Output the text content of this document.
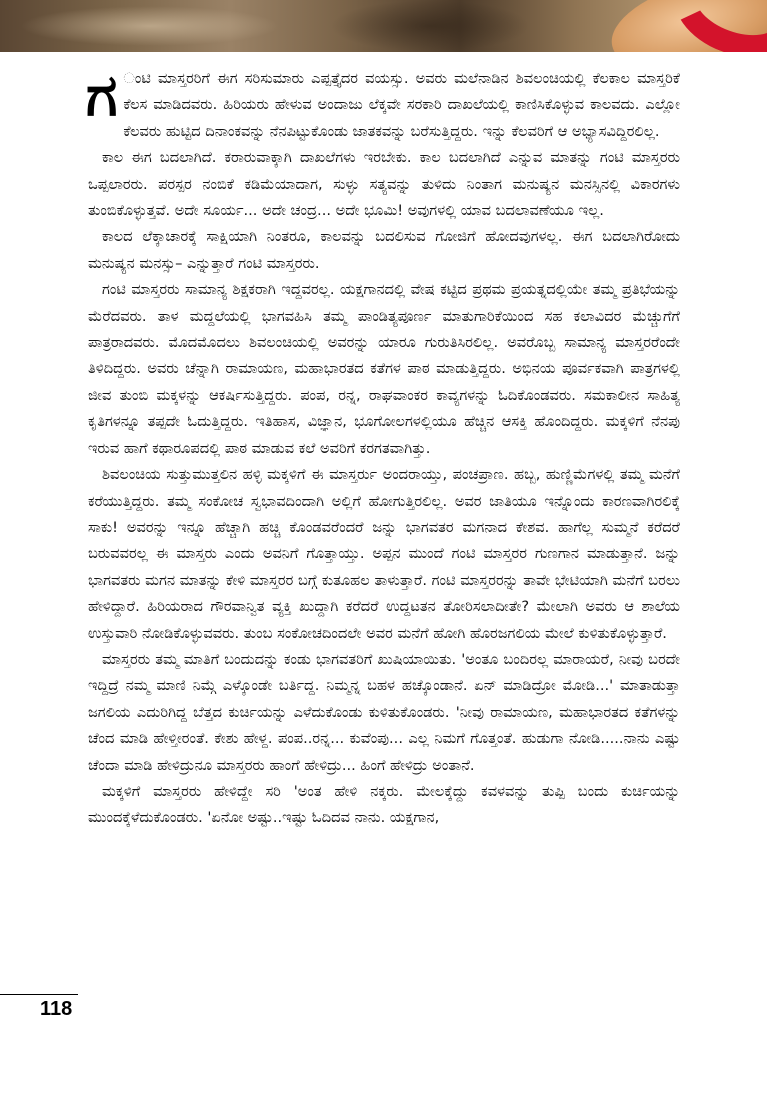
ಗ ಂಟಿ ಮಾಸ್ತರರಿಗೆ ಈಗ ಸರಿಸುಮಾರು ಎಪ್ಪತ್ತೈದರ ವಯಸ್ಸು. ಅವರು ಮಲೆನಾಡಿನ ಶಿವಲಂಚಿಯಲ್ಲಿ ಕೆಲಕಾಲ ಮಾಸ್ತರಿಕೆ ಕೆಲಸ ಮಾಡಿದವರು. ಹಿರಿಯರು ಹೇಳುವ ಅಂದಾಜು ಲೆಕ್ಕವೇ ಸರಕಾರಿ ದಾಖಲೆಯಲ್ಲಿ ಕಾಣಿಸಿಕೊಳ್ಳುವ ಕಾಲವದು. ಎಲ್ಲೋ ಕೆಲವರು ಹುಟ್ಟಿದ ದಿನಾಂಕವನ್ನು ನೆನಪಿಟ್ಟುಕೊಂಡು ಜಾತಕವನ್ನು ಬರೆಸುತ್ತಿದ್ದರು. ಇನ್ನು ಕೆಲವರಿಗೆ ಆ ಅಭ್ಯಾಸವಿದ್ದಿರಲಿಲ್ಲ.

ಕಾಲ ಈಗ ಬದಲಾಗಿದೆ. ಕರಾರುವಾಕ್ಕಾಗಿ ದಾಖಲೆಗಳು ಇರಬೇಕು. ಕಾಲ ಬದಲಾಗಿದೆ ಎನ್ನುವ ಮಾತನ್ನು ಗಂಟಿ ಮಾಸ್ತರರು ಒಪ್ಪಲಾರರು. ಪರಸ್ಪರ ನಂಬಿಕೆ ಕಡಿಮೆಯಾದಾಗ, ಸುಳ್ಳು ಸತ್ಯವನ್ನು ತುಳಿದು ನಿಂತಾಗ ಮನುಷ್ಯನ ಮನಸ್ಸಿನಲ್ಲಿ ವಿಕಾರಗಳು ತುಂಬಿಕೊಳ್ಳುತ್ತವೆ. ಅದೇ ಸೂರ್ಯ... ಅದೇ ಚಂದ್ರ... ಅದೇ ಭೂಮಿ! ಅವುಗಳಲ್ಲಿ ಯಾವ ಬದಲಾವಣೆಯೂ ಇಲ್ಲ.

ಕಾಲದ ಲೆಕ್ಕಾಚಾರಕ್ಕೆ ಸಾಕ್ಷಿಯಾಗಿ ನಿಂತರೂ, ಕಾಲವನ್ನು ಬದಲಿಸುವ ಗೋಜಿಗೆ ಹೋದವುಗಳಲ್ಲ. ಈಗ ಬದಲಾಗಿರೋದು ಮನುಷ್ಯನ ಮನಸ್ಸು– ಎನ್ನುತ್ತಾರೆ ಗಂಟಿ ಮಾಸ್ತರರು.

ಗಂಟಿ ಮಾಸ್ತರರು ಸಾಮಾನ್ಯ ಶಿಕ್ಷಕರಾಗಿ ಇದ್ದವರಲ್ಲ. ಯಕ್ಷಗಾನದಲ್ಲಿ ವೇಷ ಕಟ್ಟಿದ ಪ್ರಥಮ ಪ್ರಯತ್ನದಲ್ಲಿಯೇ ತಮ್ಮ ಪ್ರತಿಭೆಯನ್ನು ಮೆರೆದವರು. ತಾಳ ಮದ್ದಲೆಯಲ್ಲಿ ಭಾಗವಹಿಸಿ ತಮ್ಮ ಪಾಂಡಿತ್ಯಪೂರ್ಣ ಮಾತುಗಾರಿಕೆಯಿಂದ ಸಹ ಕಲಾವಿದರ ಮೆಚ್ಚುಗೆಗೆ ಪಾತ್ರರಾದವರು. ಮೊದಮೊದಲು ಶಿವಲಂಚಿಯಲ್ಲಿ ಅವರನ್ನು ಯಾರೂ ಗುರುತಿಸಿರಲಿಲ್ಲ. ಅವರೊಬ್ಬ ಸಾಮಾನ್ಯ ಮಾಸ್ತರರೆಂದೇ ತಿಳಿದಿದ್ದರು. ಅವರು ಚೆನ್ನಾಗಿ ರಾಮಾಯಣ, ಮಹಾಭಾರತದ ಕತೆಗಳ ಪಾಠ ಮಾಡುತ್ತಿದ್ದರು. ಅಭಿನಯ ಪೂರ್ವಕವಾಗಿ ಪಾತ್ರಗಳಲ್ಲಿ ಜೀವ ತುಂಬಿ ಮಕ್ಕಳನ್ನು ಆಕರ್ಷಿಸುತ್ತಿದ್ದರು. ಪಂಪ, ರನ್ನ, ರಾಘವಾಂಕರ ಕಾವ್ಯಗಳನ್ನು ಓದಿಕೊಂಡವರು. ಸಮಕಾಲೀನ ಸಾಹಿತ್ಯ ಕೃತಿಗಳನ್ನೂ ತಪ್ಪದೇ ಓದುತ್ತಿದ್ದರು. ಇತಿಹಾಸ, ವಿಜ್ಞಾನ, ಭೂಗೋಲಗಳಲ್ಲಿಯೂ ಹೆಚ್ಚಿನ ಆಸಕ್ತಿ ಹೊಂದಿದ್ದರು. ಮಕ್ಕಳಿಗೆ ನೆನಪು ಇರುವ ಹಾಗೆ ಕಥಾರೂಪದಲ್ಲಿ ಪಾಠ ಮಾಡುವ ಕಲೆ ಅವರಿಗೆ ಕರಗತವಾಗಿತ್ತು.

ಶಿವಲಂಚಿಯ ಸುತ್ತುಮುತ್ತಲಿನ ಹಳ್ಳಿ ಮಕ್ಕಳಿಗೆ ಈ ಮಾಸ್ತರ್ರು ಅಂದರಾಯ್ತು, ಪಂಚಪ್ರಾಣ. ಹಬ್ಬ, ಹುಣ್ಣಿಮೆಗಳಲ್ಲಿ ತಮ್ಮ ಮನೆಗೆ ಕರೆಯುತ್ತಿದ್ದರು. ತಮ್ಮ ಸಂಕೋಚ ಸ್ವಭಾವದಿಂದಾಗಿ ಅಲ್ಲಿಗೆ ಹೋಗುತ್ತಿರಲಿಲ್ಲ. ಅವರ ಜಾತಿಯೂ ಇನ್ನೊಂದು ಕಾರಣವಾಗಿರಲಿಕ್ಕೆ ಸಾಕು! ಅವರನ್ನು ಇನ್ನೂ ಹೆಚ್ಚಾಗಿ ಹಚ್ಚಿ ಕೊಂಡವರೆಂದರೆ ಜನ್ನು ಭಾಗವತರ ಮಗನಾದ ಕೇಶವ. ಹಾಗೆಲ್ಲ ಸುಮ್ಮನೆ ಕರೆದರೆ ಬರುವವರಲ್ಲ ಈ ಮಾಸ್ತರು ಎಂದು ಅವನಿಗೆ ಗೊತ್ತಾಯ್ತು. ಅಪ್ಪನ ಮುಂದೆ ಗಂಟಿ ಮಾಸ್ತರರ ಗುಣಗಾನ ಮಾಡುತ್ತಾನೆ. ಜನ್ನು ಭಾಗವತರು ಮಗನ ಮಾತನ್ನು ಕೇಳಿ ಮಾಸ್ತರರ ಬಗ್ಗೆ ಕುತೂಹಲ ತಾಳುತ್ತಾರೆ. ಗಂಟಿ ಮಾಸ್ತರರನ್ನು ತಾವೇ ಭೇಟಿಯಾಗಿ ಮನೆಗೆ ಬರಲು ಹೇಳಿದ್ದಾರೆ. ಹಿರಿಯರಾದ ಗೌರವಾನ್ವಿತ ವ್ಯಕ್ತಿ ಖುದ್ದಾಗಿ ಕರೆದರೆ ಉದ್ದಟತನ ತೋರಿಸಲಾದೀತೇ? ಮೇಲಾಗಿ ಅವರು ಆ ಶಾಲೆಯ ಉಸ್ತುವಾರಿ ನೋಡಿಕೊಳ್ಳುವವರು. ತುಂಬ ಸಂಕೋಚದಿಂದಲೇ ಅವರ ಮನೆಗೆ ಹೋಗಿ ಹೊರಜಗಲಿಯ ಮೇಲೆ ಕುಳಿತುಕೊಳ್ಳುತ್ತಾರೆ.

ಮಾಸ್ತರರು ತಮ್ಮ ಮಾತಿಗೆ ಬಂದುದನ್ನು ಕಂಡು ಭಾಗವತರಿಗೆ ಖುಷಿಯಾಯಿತು. 'ಅಂತೂ ಬಂದಿರಲ್ಲ ಮಾರಾಯರೆ, ನೀವು ಬರದೇ ಇದ್ದಿದ್ರೆ ನಮ್ಮ ಮಾಣಿ ನಿಮ್ಗೆ ಎಳ್ಕೊಂಡೇ ಬರ್ತಿದ್ದ. ನಿಮ್ಮನ್ನ ಬಹಳ ಹಚ್ಕೊಂಡಾನೆ. ಏನ್ ಮಾಡಿದ್ರೋ ಮೋಡಿ...' ಮಾತಾಡುತ್ತಾ ಜಗಲಿಯ ಎದುರಿಗಿದ್ದ ಬೆತ್ತದ ಕುರ್ಚಿಯನ್ನು ಎಳೆದುಕೊಂಡು ಕುಳಿತುಕೊಂಡರು. 'ನೀವು ರಾಮಾಯಣ, ಮಹಾಭಾರತದ ಕತೆಗಳನ್ನು ಚೆಂದ ಮಾಡಿ ಹೇಳ್ತೀರಂತೆ. ಕೇಶು ಹೇಳ್ದ. ಪಂಪ..ರನ್ನ... ಕುವೆಂಪು... ಎಲ್ಲ ನಿಮಗೆ ಗೊತ್ತಂತೆ. ಹುಡುಗಾ ನೋಡಿ.....ನಾನು ಎಷ್ಟು ಚೆಂದಾ ಮಾಡಿ ಹೇಳಿದ್ರುನೂ ಮಾಸ್ತರರು ಹಾಂಗೆ ಹೇಳಿದ್ರು... ಹಿಂಗೆ ಹೇಳಿದ್ರು ಅಂತಾನೆ.

ಮಕ್ಕಳಿಗೆ ಮಾಸ್ತರರು ಹೇಳಿದ್ದೇ ಸರಿ 'ಅಂತ ಹೇಳಿ ನಕ್ಕರು. ಮೇಲಕ್ಕೆದ್ದು ಕವಳವನ್ನು ತುಪ್ಪಿ ಬಂದು ಕುರ್ಚಿಯನ್ನು ಮುಂದಕ್ಕೆಳೆದುಕೊಂಡರು. 'ಏನೋ ಅಷ್ಟು..ಇಷ್ಟು ಓದಿದವ ನಾನು. ಯಕ್ಷಗಾನ,

118
